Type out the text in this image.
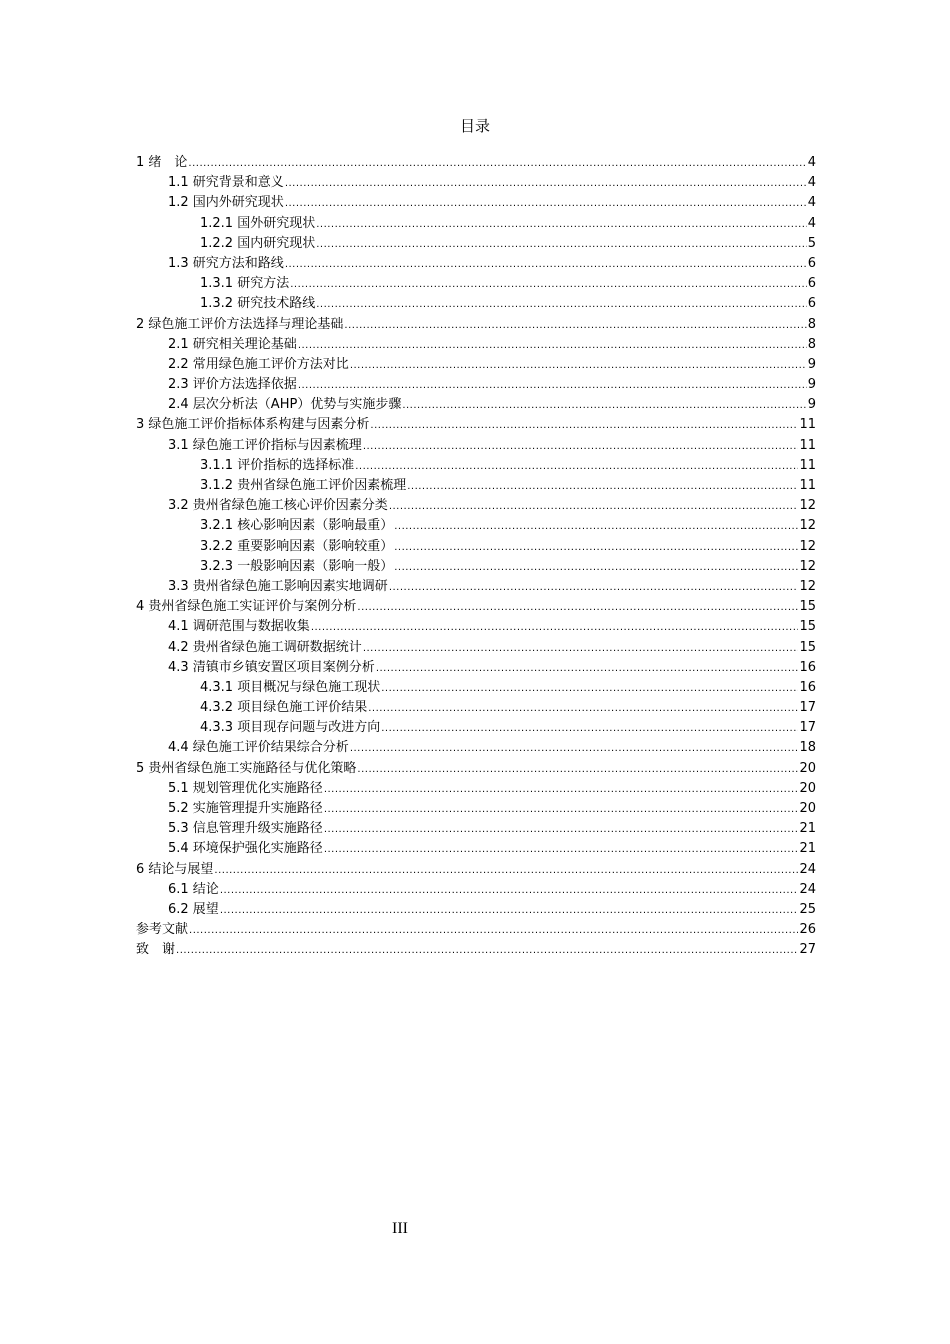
目录
1 绪　论 .....	4
1.1 研究背景和意义 .....	4
1.2 国内外研究现状 .....	4
1.2.1 国外研究现状 .....	4
1.2.2 国内研究现状 .....	5
1.3 研究方法和路线 .....	6
1.3.1 研究方法 .....	6
1.3.2 研究技术路线 .....	6
2 绿色施工评价方法选择与理论基础 .....	8
2.1 研究相关理论基础 .....	8
2.2 常用绿色施工评价方法对比 .....	9
2.3 评价方法选择依据 .....	9
2.4 层次分析法（AHP）优势与实施步骤 .....	9
3 绿色施工评价指标体系构建与因素分析 .....	11
3.1 绿色施工评价指标与因素梳理 .....	11
3.1.1 评价指标的选择标准 .....	11
3.1.2 贵州省绿色施工评价因素梳理 .....	11
3.2 贵州省绿色施工核心评价因素分类 .....	12
3.2.1 核心影响因素（影响最重） .....	12
3.2.2 重要影响因素（影响较重） .....	12
3.2.3 一般影响因素（影响一般） .....	12
3.3 贵州省绿色施工影响因素实地调研 .....	12
4 贵州省绿色施工实证评价与案例分析 .....	15
4.1 调研范围与数据收集 .....	15
4.2 贵州省绿色施工调研数据统计 .....	15
4.3 清镇市乡镇安置区项目案例分析 .....	16
4.3.1 项目概况与绿色施工现状 .....	16
4.3.2 项目绿色施工评价结果 .....	17
4.3.3 项目现存问题与改进方向 .....	17
4.4 绿色施工评价结果综合分析 .....	18
5 贵州省绿色施工实施路径与优化策略 .....	20
5.1 规划管理优化实施路径 .....	20
5.2 实施管理提升实施路径 .....	20
5.3 信息管理升级实施路径 .....	21
5.4 环境保护强化实施路径 .....	21
6 结论与展望 .....	24
6.1 结论 .....	24
6.2 展望 .....	25
参考文献 .....	26
致　谢 .....	27
III
